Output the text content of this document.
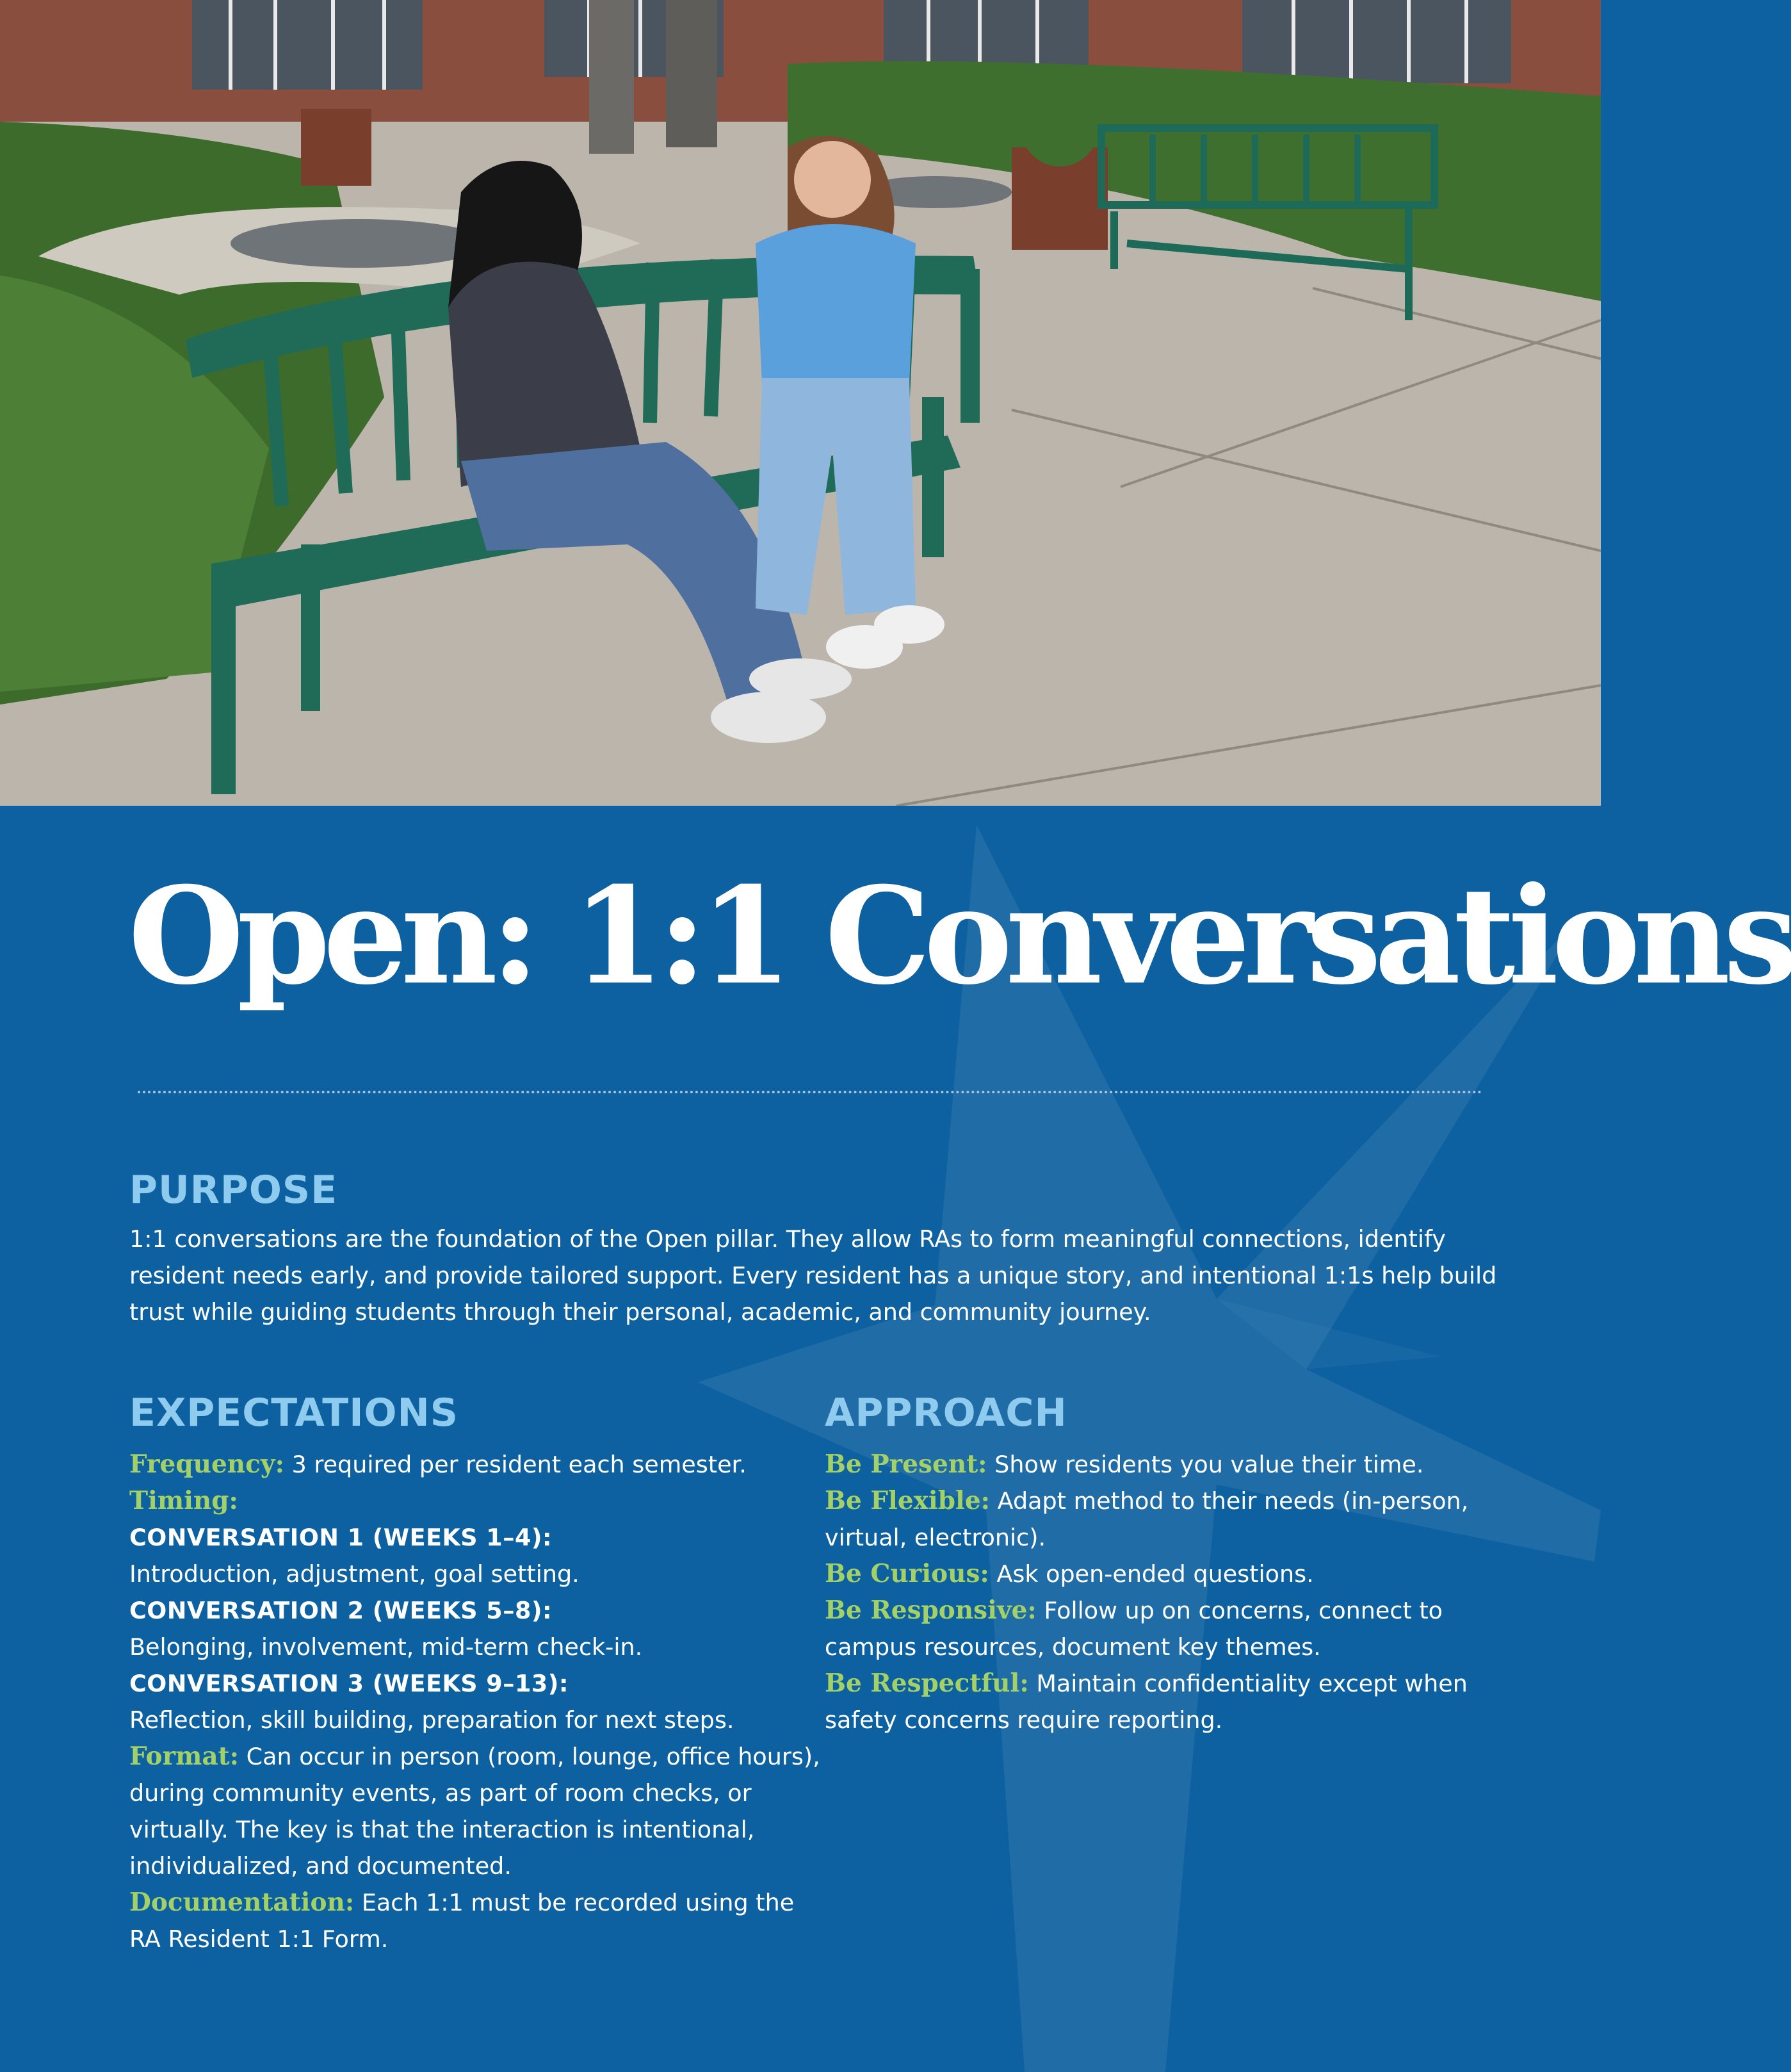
Open: 1:1 Conversations
PURPOSE

1:1 conversations are the foundation of the Open pillar. They allow RAs to form meaningful connections, identify resident needs early, and provide tailored support. Every resident has a unique story, and intentional 1:1s help build trust while guiding students through their personal, academic, and community journey.

EXPECTATIONS
Frequency: 3 required per resident each semester.
Timing:
CONVERSATION 1 (WEEKS 1–4):
Introduction, adjustment, goal setting.
CONVERSATION 2 (WEEKS 5–8):
Belonging, involvement, mid-term check-in.
CONVERSATION 3 (WEEKS 9–13):
Reflection, skill building, preparation for next steps.
Format: Can occur in person (room, lounge, office hours), during community events, as part of room checks, or virtually. The key is that the interaction is intentional, individualized, and documented.
Documentation: Each 1:1 must be recorded using the RA Resident 1:1 Form.
APPROACH
Be Present: Show residents you value their time.
Be Flexible: Adapt method to their needs (in-person, virtual, electronic).
Be Curious: Ask open-ended questions.
Be Responsive: Follow up on concerns, connect to campus resources, document key themes.
Be Respectful: Maintain confidentiality except when safety concerns require reporting.
